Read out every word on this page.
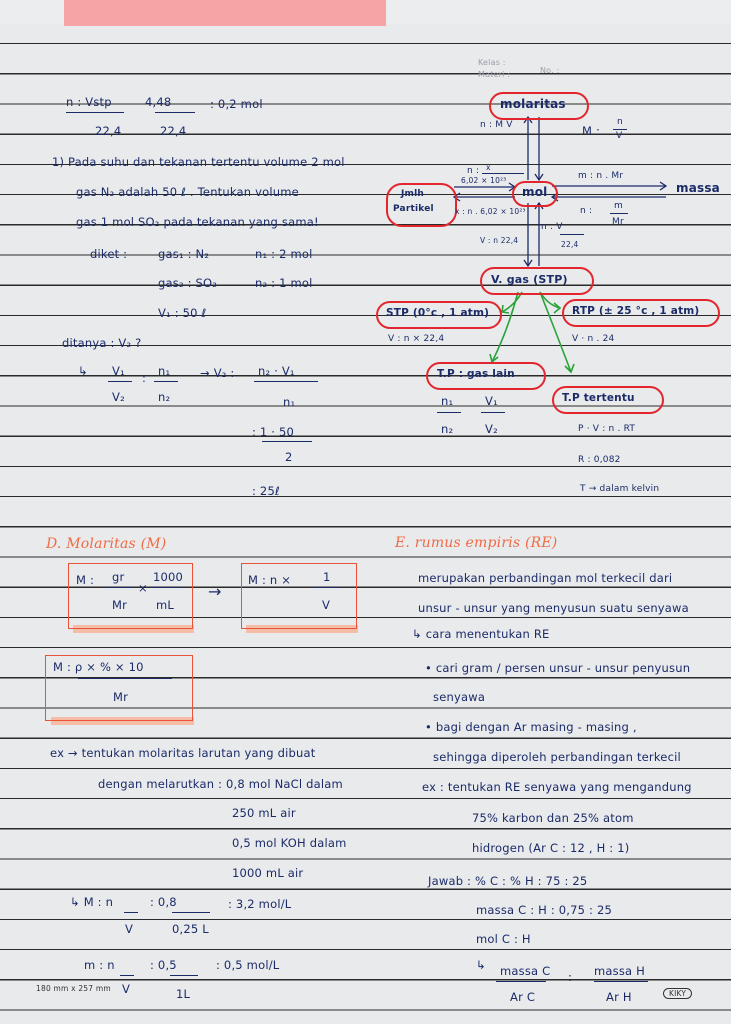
Kelas :
Materi :	No. :
n : Vstp
22,4
4,48
22,4
: 0,2 mol
1) Pada suhu dan tekanan tertentu volume 2 mol
gas N₂ adalah 50 ℓ . Tentukan volume
gas 1 mol SO₂ pada tekanan yang sama!
diket :	gas₁ : N₂	n₁ : 2 mol
gas₂ : SO₂	n₂ : 1 mol
V₁ : 50 ℓ
ditanya : V₂ ?
↳ V₁
V₂
: n₁
n₂
→ V₂ : n₂ · V₁
n₁
: 1 · 50
2
: 25ℓ
molaritas
n : M V	M :
n
V
Jmlh
Partikel
n : x
6,02 × 10²³
x : n . 6,02 × 10²³
mol
m : n . Mr
massa
n : m
Mr
n : V
22,4
V : n 22,4
V. gas (STP)
STP (0°c , 1 atm)	RTP (± 25 °c , 1 atm)
V : n × 22,4	V · n . 24
T.P : gas lain
T.P tertentu
n₁
n₂
V₁
V₂	P · V : n . RT
R : 0,082
T → dalam kelvin
D. Molaritas (M)
M : gr
Mr
×
1000
mL
→
M : n ×	1
V
M : ρ × % × 10
Mr
ex → tentukan molaritas larutan yang dibuat
dengan melarutkan : 0,8 mol NaCl dalam
250 mL air
0,5 mol KOH dalam
1000 mL air
↳ M : n
V
: 0,8
0,25 L
: 3,2 mol/L
m : n
V
: 0,5
1L
: 0,5 mol/L
E. rumus empiris (RE)
merupakan perbandingan mol terkecil dari
unsur - unsur yang menyusun suatu senyawa
↳ cara menentukan RE
• cari gram / persen unsur - unsur penyusun
senyawa
• bagi dengan Ar masing - masing ,
sehingga diperoleh perbandingan terkecil
ex : tentukan RE senyawa yang mengandung
75% karbon dan 25% atom
hidrogen (Ar C : 12 , H : 1)
Jawab : % C : % H : 75 : 25
massa C : H : 0,75 : 25
mol C : H
↳ massa C
Ar C
: massa H
Ar H
180 mm x 257 mm
KIKY
